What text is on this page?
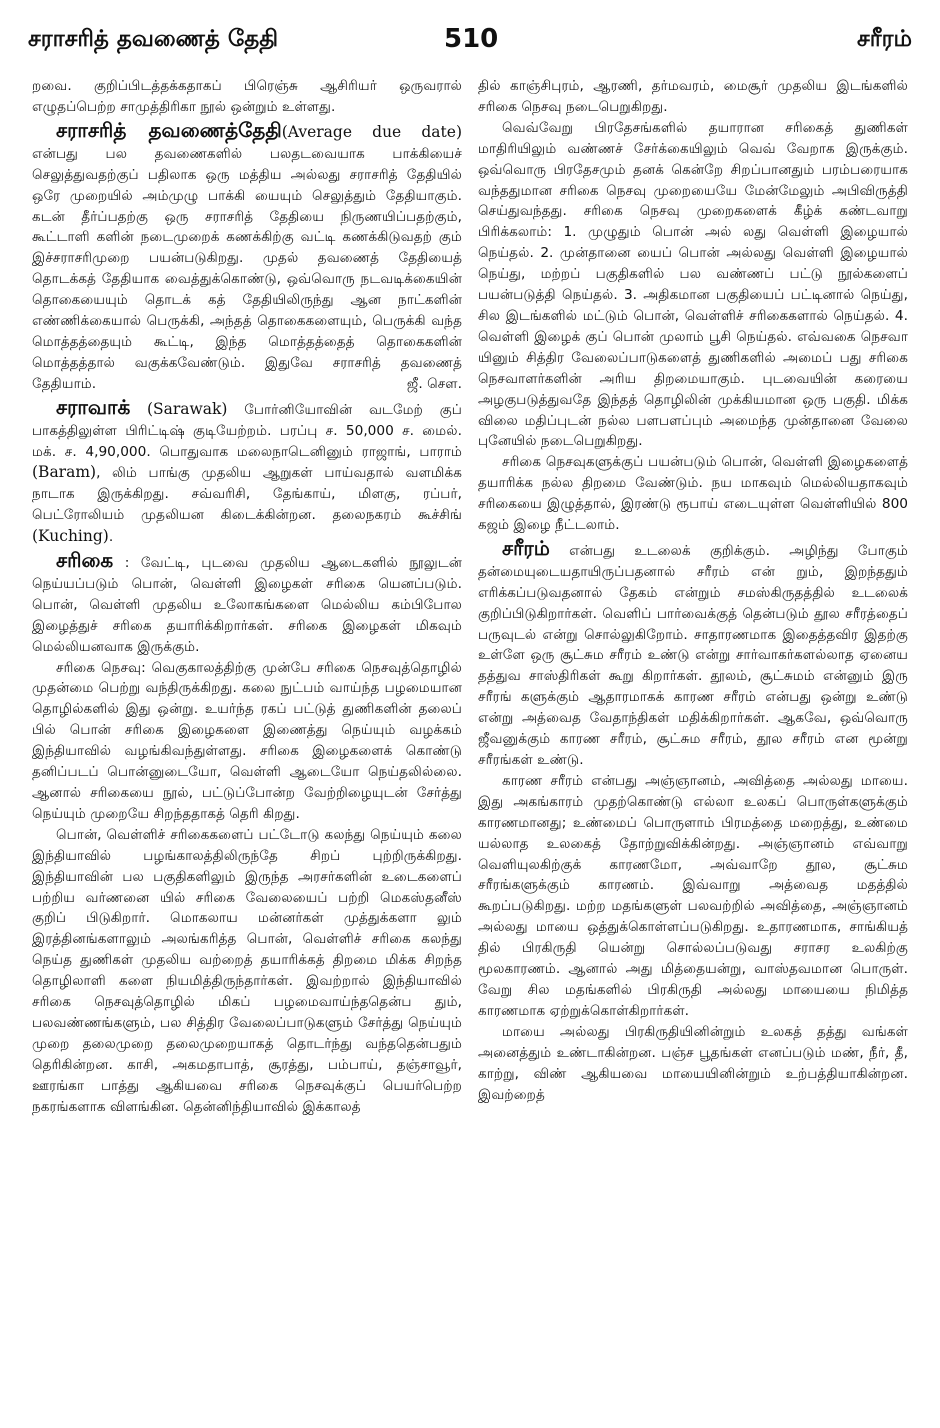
சராசரித் தவணைத் தேதி	510	சரீரம்

றவை. குறிப்பிடத்தக்கதாகப் பிரெஞ்சு ஆசிரியர் ஒருவரால் எழுதப்பெற்ற சாமுத்திரிகா நூல் ஒன்றும் உள்ளது.

சராசரித் தவணைத்தேதி(Average due date) என்பது பல தவணைகளில் பலதடவையாக பாக்கியைச் செலுத்துவதற்குப் பதிலாக ஒரு மத்திய அல்லது சராசரித் தேதியில் ஒரே முறையில் அம்முழு பாக்கி யையும் செலுத்தும் தேதியாகும். கடன் தீர்ப்பதற்கு ஒரு சராசரித் தேதியை நிருணயிப்பதற்கும், கூட்டாளி களின் நடைமுறைக் கணக்கிற்கு வட்டி கணக்கிடுவதற் கும் இச்சராசரிமுறை பயன்படுகிறது. முதல் தவணைத் தேதியைத் தொடக்கத் தேதியாக வைத்துக்கொண்டு, ஒவ்வொரு நடவடிக்கையின் தொகையையும் தொடக் கத் தேதியிலிருந்து ஆன நாட்களின் எண்ணிக்கையால் பெருக்கி, அந்தத் தொகைகளையும், பெருக்கி வந்த மொத்தத்தையும் கூட்டி, இந்த மொத்தத்தைத் தொகைகளின் மொத்தத்தால் வகுக்கவேண்டும். இதுவே சராசரித் தவணைத் தேதியாம்.	ஜீ. செள.

சராவாக் (Sarawak) போர்னியோவின் வடமேற் குப் பாகத்திலுள்ள பிரிட்டிஷ் குடியேற்றம். பரப்பு ச. 50,000 ச. மைல். மக். ச. 4,90,000. பொதுவாக மலைநாடெனினும் ராஜாங், பாராம் (Baram), லிம் பாங்கு முதலிய ஆறுகள் பாய்வதால் வளமிக்க நாடாக இருக்கிறது. சவ்வரிசி, தேங்காய், மிளகு, ரப்பர், பெட்ரோலியம் முதலியன கிடைக்கின்றன. தலைநகரம் கூச்சிங் (Kuching).

சரிகை : வேட்டி, புடவை முதலிய ஆடைகளில் நூலுடன் நெய்யப்படும் பொன், வெள்ளி இழைகள் சரிகை யெனப்படும். பொன், வெள்ளி முதலிய உலோகங்களை மெல்லிய கம்பிபோல இழைத்துச் சரிகை தயாரிக்கிறார்கள். சரிகை இழைகள் மிகவும் மெல்லியனவாக இருக்கும்.

சரிகை நெசவு: வெகுகாலத்திற்கு முன்பே சரிகை நெசவுத்தொழில் முதன்மை பெற்று வந்திருக்கிறது. கலை நுட்பம் வாய்ந்த பழமையான தொழில்களில் இது ஒன்று. உயர்ந்த ரகப் பட்டுத் துணிகளின் தலைப் பில் பொன் சரிகை இழைகளை இணைத்து நெய்யும் வழக்கம் இந்தியாவில் வழங்கிவந்துள்ளது. சரிகை இழைகளைக் கொண்டு தனிப்படப் பொன்னுடையோ, வெள்ளி ஆடையோ நெய்தலில்லை. ஆனால் சரிகையை நூல், பட்டுப்போன்ற வேற்றிழையுடன் சேர்த்து நெய்யும் முறையே சிறந்ததாகத் தெரி கிறது.

பொன், வெள்ளிச் சரிகைகளைப் பட்டோடு கலந்து நெய்யும் கலை இந்தியாவில் பழங்காலத்திலிருந்தே சிறப் புற்றிருக்கிறது. இந்தியாவின் பல பகுதிகளிலும் இருந்த அரசர்களின் உடைகளைப் பற்றிய வர்ணனை யில் சரிகை வேலையைப் பற்றி மெகஸ்தனீஸ் குறிப் பிடுகிறார். மொகலாய மன்னர்கள் முத்துக்களா லும் இரத்தினங்களாலும் அலங்கரித்த பொன், வெள்ளிச் சரிகை கலந்து நெய்த துணிகள் முதலிய வற்றைத் தயாரிக்கத் திறமை மிக்க சிறந்த தொழிலாளி களை நியமித்திருந்தார்கள். இவற்றால் இந்தியாவில் சரிகை நெசவுத்தொழில் மிகப் பழமைவாய்ந்ததென்ப தும், பலவண்ணங்களும், பல சித்திர வேலைப்பாடுகளும் சேர்த்து நெய்யும் முறை தலைமுறை தலைமுறையாகத் தொடர்ந்து வந்ததென்பதும் தெரிகின்றன. காசி, அகமதாபாத், சூரத்து, பம்பாய், தஞ்சாவூர், ஊரங்கா பாத்து ஆகியவை சரிகை நெசவுக்குப் பெயர்பெற்ற நகரங்களாக விளங்கின. தென்னிந்தியாவில் இக்காலத்

தில் காஞ்சிபுரம், ஆரணி, தர்மவரம், மைசூர் முதலிய இடங்களில் சரிகை நெசவு நடைபெறுகிறது.

வெவ்வேறு பிரதேசங்களில் தயாரான சரிகைத் துணிகள் மாதிரியிலும் வண்ணச் சேர்க்கையிலும் வெவ் வேறாக இருக்கும். ஒவ்வொரு பிரதேசமும் தனக் கென்றே சிறப்பானதும் பரம்பரையாக வந்ததுமான சரிகை நெசவு முறையையே மேன்மேலும் அபிவிருத்தி செய்துவந்தது. சரிகை நெசவு முறைகளைக் கீழ்க் கண்டவாறு பிரிக்கலாம்: 1. முழுதும் பொன் அல் லது வெள்ளி இழையால் நெய்தல். 2. முன்தானை யைப் பொன் அல்லது வெள்ளி இழையால் நெய்து, மற்றப் பகுதிகளில் பல வண்ணப் பட்டு நூல்களைப் பயன்படுத்தி நெய்தல். 3. அதிகமான பகுதியைப் பட்டினால் நெய்து, சில இடங்களில் மட்டும் பொன், வெள்ளிச் சரிகைகளால் நெய்தல். 4. வெள்ளி இழைக் குப் பொன் முலாம் பூசி நெய்தல். எவ்வகை நெசவா யினும் சித்திர வேலைப்பாடுகளைத் துணிகளில் அமைப் பது சரிகை நெசவாளர்களின் அரிய திறமையாகும். புடவையின் கரையை அழகுபடுத்துவதே இந்தத் தொழிலின் முக்கியமான ஒரு பகுதி. மிக்க விலை மதிப்புடன் நல்ல பளபளப்பும் அமைந்த முன்தானை வேலை புனேயில் நடைபெறுகிறது.

சரிகை நெசவுகளுக்குப் பயன்படும் பொன், வெள்ளி இழைகளைத் தயாரிக்க நல்ல திறமை வேண்டும். நய மாகவும் மெல்லியதாகவும் சரிகையை இழுத்தால், இரண்டு ரூபாய் எடையுள்ள வெள்ளியில் 800 கஜம் இழை நீட்டலாம்.

சரீரம் என்பது உடலைக் குறிக்கும். அழிந்து போகும் தன்மையுடையதாயிருப்பதனால் சரீரம் என் றும், இறந்ததும் எரிக்கப்படுவதனால் தேகம் என்றும் சமஸ்கிருதத்தில் உடலைக் குறிப்பிடுகிறார்கள். வெளிப் பார்வைக்குத் தென்படும் தூல சரீரத்தைப் பருவுடல் என்று சொல்லுகிறோம். சாதாரணமாக இதைத்தவிர இதற்கு உள்ளே ஒரு சூட்சும சரீரம் உண்டு என்று சார்வாகர்களல்லாத ஏனைய தத்துவ சாஸ்திரிகள் கூறு கிறார்கள். தூலம், சூட்சுமம் என்னும் இரு சரீரங் களுக்கும் ஆதாரமாகக் காரண சரீரம் என்பது ஒன்று உண்டு என்று அத்வைத வேதாந்திகள் மதிக்கிறார்கள். ஆகவே, ஒவ்வொரு ஜீவனுக்கும் காரண சரீரம், சூட்சும சரீரம், தூல சரீரம் என மூன்று சரீரங்கள் உண்டு.

காரண சரீரம் என்பது அஞ்ஞானம், அவித்தை அல்லது மாயை. இது அகங்காரம் முதற்கொண்டு எல்லா உலகப் பொருள்களுக்கும் காரணமானது; உண்மைப் பொருளாம் பிரமத்தை மறைத்து, உண்மை யல்லாத உலகைத் தோற்றுவிக்கின்றது. அஞ்ஞானம் எவ்வாறு வெளியுலகிற்குக் காரணமோ, அவ்வாறே தூல, சூட்சும சரீரங்களுக்கும் காரணம். இவ்வாறு அத்வைத மதத்தில் கூறப்படுகிறது. மற்ற மதங்களுள் பலவற்றில் அவித்தை, அஞ்ஞானம் அல்லது மாயை ஒத்துக்கொள்ளப்படுகிறது. உதாரணமாக, சாங்கியத் தில் பிரகிருதி யென்று சொல்லப்படுவது சராசர உலகிற்கு மூலகாரணம். ஆனால் அது மித்தையன்று, வாஸ்தவமான பொருள். வேறு சில மதங்களில் பிரகிருதி அல்லது மாயையை நிமித்த காரணமாக ஏற்றுக்கொள்கிறார்கள்.

மாயை அல்லது பிரகிருதியினின்றும் உலகத் தத்து வங்கள் அனைத்தும் உண்டாகின்றன. பஞ்ச பூதங்கள் எனப்படும் மண், நீர், தீ, காற்று, விண் ஆகியவை மாயையினின்றும் உற்பத்தியாகின்றன. இவற்றைத்
